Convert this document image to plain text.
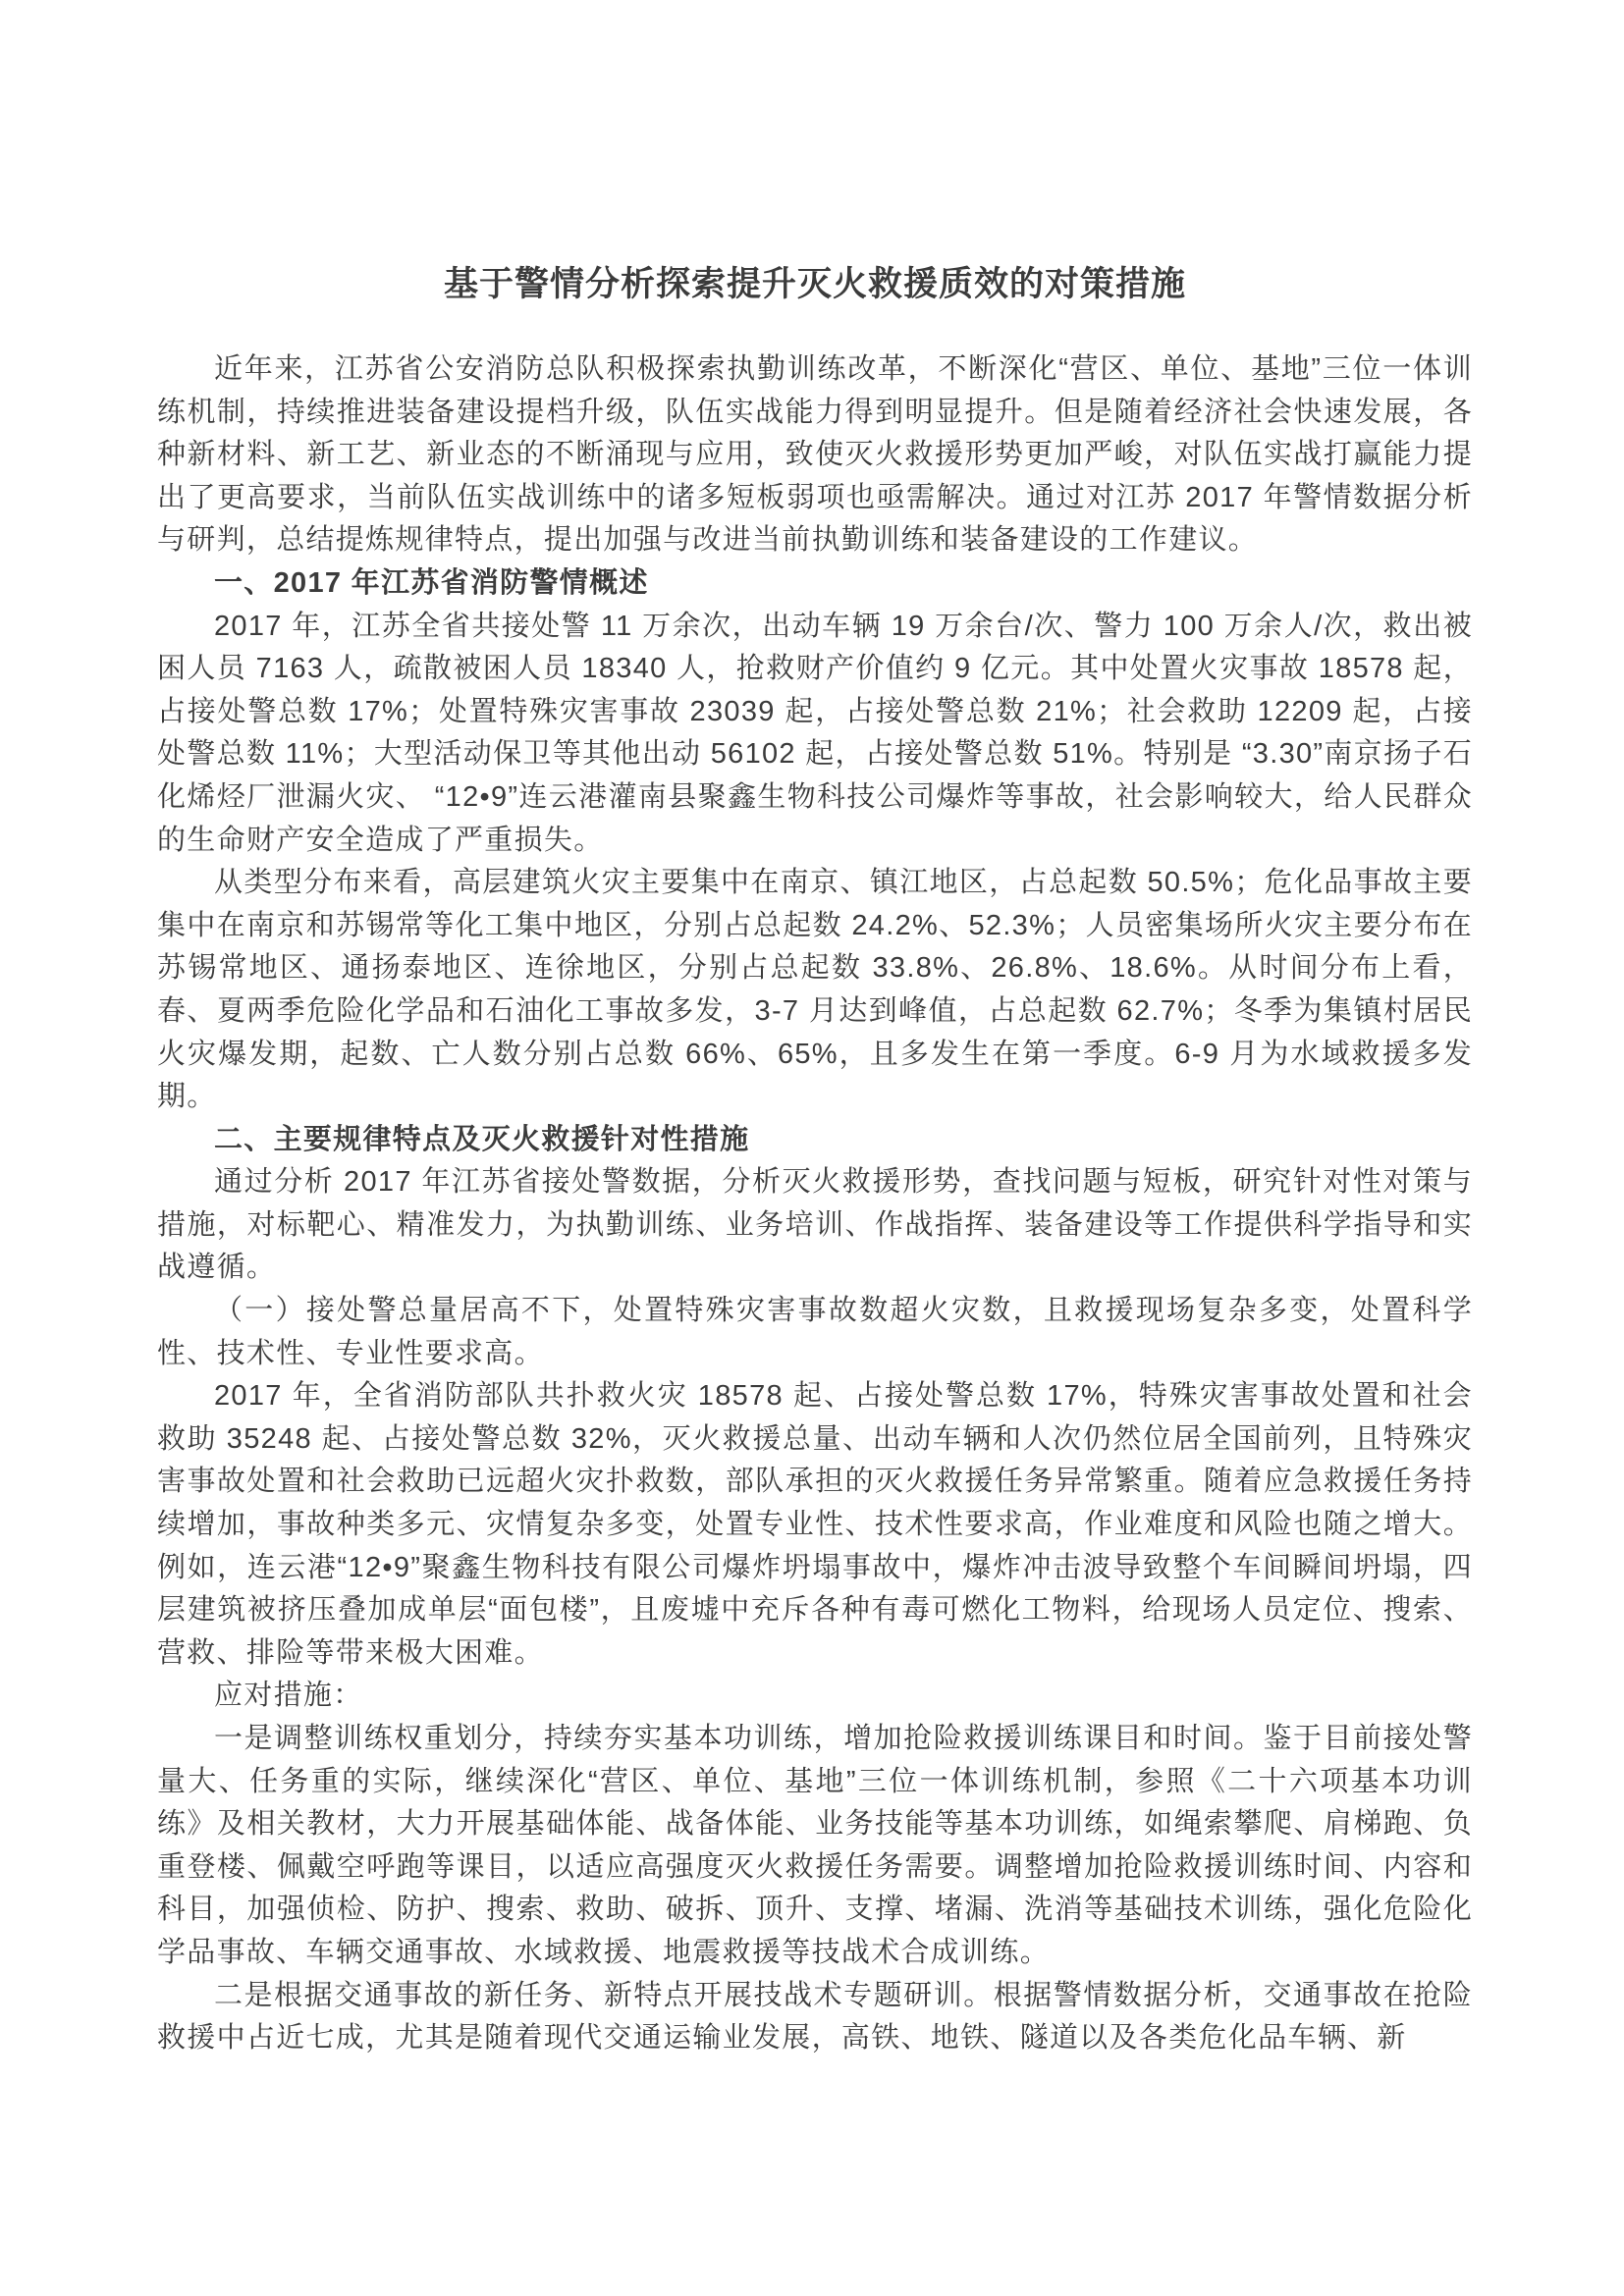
基于警情分析探索提升灭火救援质效的对策措施

近年来，江苏省公安消防总队积极探索执勤训练改革，不断深化“营区、单位、基地”三位一体训练机制，持续推进装备建设提档升级，队伍实战能力得到明显提升。但是随着经济社会快速发展，各种新材料、新工艺、新业态的不断涌现与应用，致使灭火救援形势更加严峻，对队伍实战打赢能力提出了更高要求，当前队伍实战训练中的诸多短板弱项也亟需解决。通过对江苏 2017 年警情数据分析与研判，总结提炼规律特点，提出加强与改进当前执勤训练和装备建设的工作建议。

一、2017 年江苏省消防警情概述

2017 年，江苏全省共接处警 11 万余次，出动车辆 19 万余台/次、警力 100 万余人/次，救出被困人员 7163 人，疏散被困人员 18340 人，抢救财产价值约 9 亿元。其中处置火灾事故 18578 起，占接处警总数 17%；处置特殊灾害事故 23039 起，占接处警总数 21%；社会救助 12209 起，占接处警总数 11%；大型活动保卫等其他出动 56102 起，占接处警总数 51%。特别是 “3.30”南京扬子石化烯烃厂泄漏火灾、 “12•9”连云港灌南县聚鑫生物科技公司爆炸等事故，社会影响较大，给人民群众的生命财产安全造成了严重损失。

从类型分布来看，高层建筑火灾主要集中在南京、镇江地区，占总起数 50.5%；危化品事故主要集中在南京和苏锡常等化工集中地区，分别占总起数 24.2%、52.3%；人员密集场所火灾主要分布在苏锡常地区、通扬泰地区、连徐地区，分别占总起数 33.8%、26.8%、18.6%。从时间分布上看，春、夏两季危险化学品和石油化工事故多发，3-7 月达到峰值，占总起数 62.7%；冬季为集镇村居民火灾爆发期，起数、亡人数分别占总数 66%、65%，且多发生在第一季度。6-9 月为水域救援多发期。

二、主要规律特点及灭火救援针对性措施

通过分析 2017 年江苏省接处警数据，分析灭火救援形势，查找问题与短板，研究针对性对策与措施，对标靶心、精准发力，为执勤训练、业务培训、作战指挥、装备建设等工作提供科学指导和实战遵循。

（一）接处警总量居高不下，处置特殊灾害事故数超火灾数，且救援现场复杂多变，处置科学性、技术性、专业性要求高。

2017 年，全省消防部队共扑救火灾 18578 起、占接处警总数 17%，特殊灾害事故处置和社会救助 35248 起、占接处警总数 32%，灭火救援总量、出动车辆和人次仍然位居全国前列，且特殊灾害事故处置和社会救助已远超火灾扑救数，部队承担的灭火救援任务异常繁重。随着应急救援任务持续增加，事故种类多元、灾情复杂多变，处置专业性、技术性要求高，作业难度和风险也随之增大。例如，连云港“12•9”聚鑫生物科技有限公司爆炸坍塌事故中，爆炸冲击波导致整个车间瞬间坍塌，四层建筑被挤压叠加成单层“面包楼”，且废墟中充斥各种有毒可燃化工物料，给现场人员定位、搜索、营救、排险等带来极大困难。

应对措施：

一是调整训练权重划分，持续夯实基本功训练，增加抢险救援训练课目和时间。鉴于目前接处警量大、任务重的实际，继续深化“营区、单位、基地”三位一体训练机制，参照《二十六项基本功训练》及相关教材，大力开展基础体能、战备体能、业务技能等基本功训练，如绳索攀爬、肩梯跑、负重登楼、佩戴空呼跑等课目，以适应高强度灭火救援任务需要。调整增加抢险救援训练时间、内容和科目，加强侦检、防护、搜索、救助、破拆、顶升、支撑、堵漏、洗消等基础技术训练，强化危险化学品事故、车辆交通事故、水域救援、地震救援等技战术合成训练。

二是根据交通事故的新任务、新特点开展技战术专题研训。根据警情数据分析，交通事故在抢险救援中占近七成，尤其是随着现代交通运输业发展，高铁、地铁、隧道以及各类危化品车辆、新
